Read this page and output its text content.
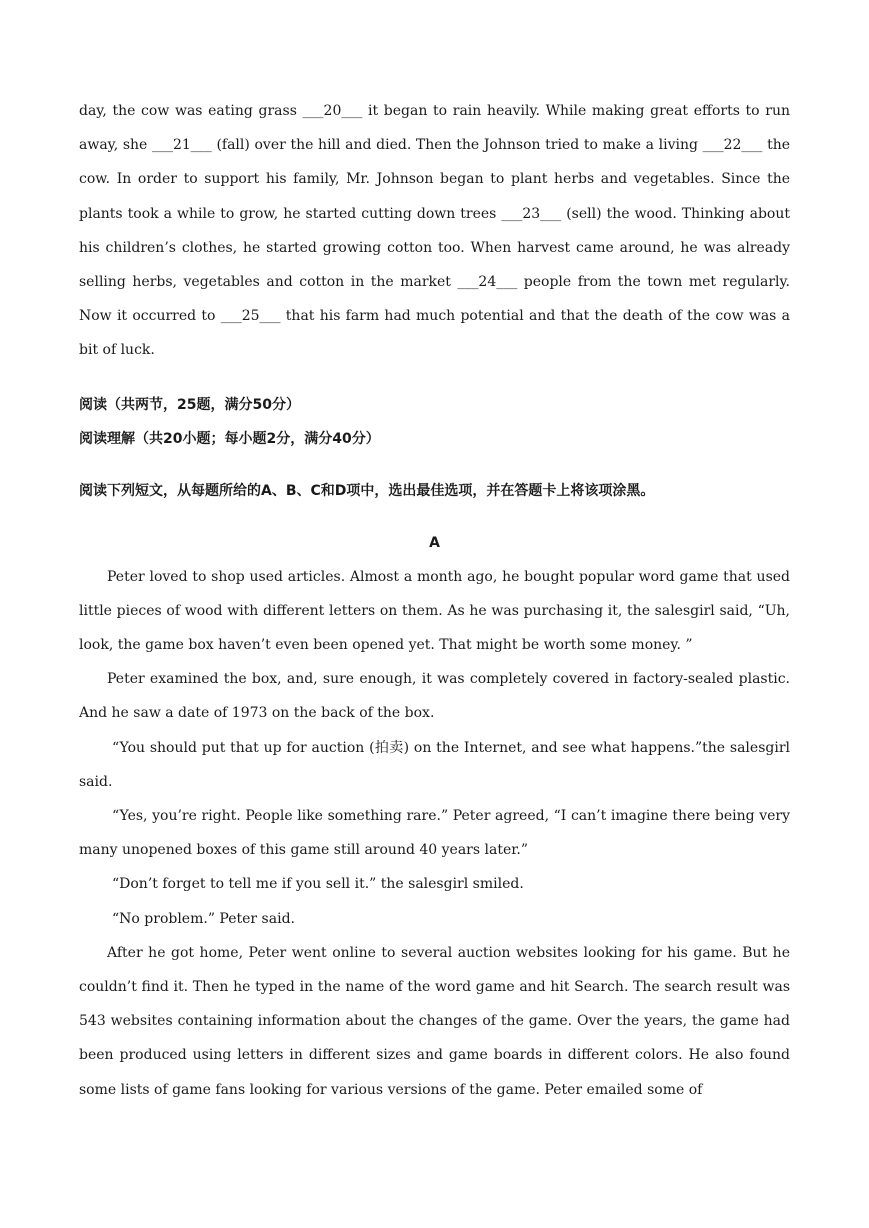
day, the cow was eating grass ___20___ it began to rain heavily. While making great efforts to run away, she ___21___ (fall) over the hill and died. Then the Johnson tried to make a living ___22___ the cow. In order to support his family, Mr. Johnson began to plant herbs and vegetables. Since the plants took a while to grow, he started cutting down trees ___23___ (sell) the wood. Thinking about his children’s clothes, he started growing cotton too. When harvest came around, he was already selling herbs, vegetables and cotton in the market ___24___ people from the town met regularly. Now it occurred to ___25___ that his farm had much potential and that the death of the cow was a bit of luck.

阅读（共两节，25题，满分50分）

阅读理解（共20小题；每小题2分，满分40分）

阅读下列短文，从每题所给的A、B、C和D项中，选出最佳选项，并在答题卡上将该项涂黑。

A

Peter loved to shop used articles. Almost a month ago, he bought popular word game that used little pieces of wood with different letters on them. As he was purchasing it, the salesgirl said, “Uh, look, the game box haven’t even been opened yet. That might be worth some money. ”

Peter examined the box, and, sure enough, it was completely covered in factory-sealed plastic. And he saw a date of 1973 on the back of the box.

“You should put that up for auction (拍卖) on the Internet, and see what happens.”the salesgirl said.

“Yes, you’re right. People like something rare.” Peter agreed, “I can’t imagine there being very many unopened boxes of this game still around 40 years later.”

“Don’t forget to tell me if you sell it.” the salesgirl smiled.

“No problem.” Peter said.

After he got home, Peter went online to several auction websites looking for his game. But he couldn’t find it. Then he typed in the name of the word game and hit Search. The search result was 543 websites containing information about the changes of the game. Over the years, the game had been produced using letters in different sizes and game boards in different colors. He also found some lists of game fans looking for various versions of the game. Peter emailed some of
